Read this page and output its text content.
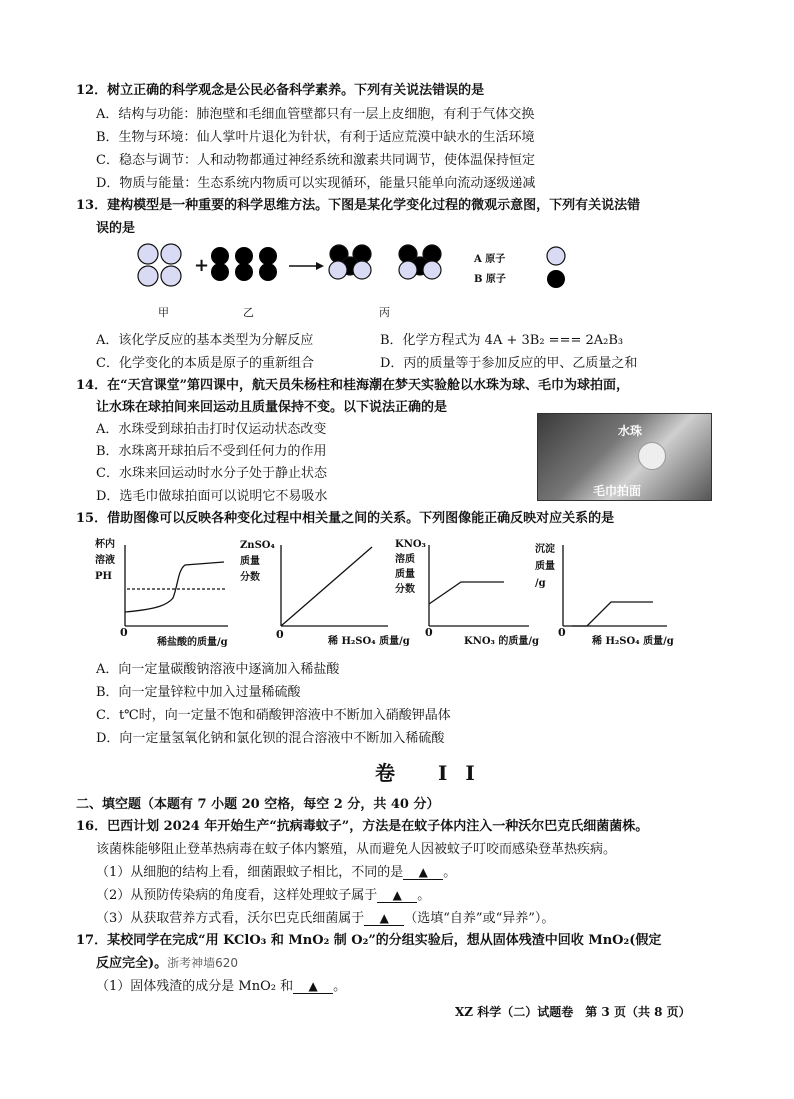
12．树立正确的科学观念是公民必备科学素养。下列有关说法错误的是
A．结构与功能：肺泡壁和毛细血管壁都只有一层上皮细胞，有利于气体交换
B．生物与环境：仙人掌叶片退化为针状，有利于适应荒漠中缺水的生活环境
C．稳态与调节：人和动物都通过神经系统和激素共同调节，使体温保持恒定
D．物质与能量：生态系统内物质可以实现循环，能量只能单向流动逐级递减
13．建构模型是一种重要的科学思维方法。下图是某化学变化过程的微观示意图，下列有关说法错
误的是
+	A 原子
B 原子
甲	乙	丙
A．该化学反应的基本类型为分解反应	B．化学方程式为 4A + 3B₂ === 2A₂B₃
C．化学变化的本质是原子的重新组合	D．丙的质量等于参加反应的甲、乙质量之和
14．在“天宫课堂”第四课中，航天员朱杨柱和桂海潮在梦天实验舱以水珠为球、毛巾为球拍面，
让水珠在球拍间来回运动且质量保持不变。以下说法正确的是
A．水珠受到球拍击打时仅运动状态改变
B．水珠离开球拍后不受到任何力的作用
C．水珠来回运动时水分子处于静止状态
D．选毛巾做球拍面可以说明它不易吸水
水珠
毛巾拍面
15．借助图像可以反映各种变化过程中相关量之间的关系。下列图像能正确反映对应关系的是
杯内
溶液
PH
0
稀盐酸的质量/g
ZnSO₄
质量
分数
0
稀 H₂SO₄ 质量/g
KNO₃
溶质
质量
分数
0
KNO₃ 的质量/g
沉淀
质量
/g
0
稀 H₂SO₄ 质量/g
A．向一定量碳酸钠溶液中逐滴加入稀盐酸
B．向一定量锌粒中加入过量稀硫酸
C．t℃时，向一定量不饱和硝酸钾溶液中不断加入硝酸钾晶体
D．向一定量氢氧化钠和氯化钡的混合溶液中不断加入稀硫酸
卷 II
二、填空题（本题有 7 小题 20 空格，每空 2 分，共 40 分）
16．巴西计划 2024 年开始生产“抗病毒蚊子”，方法是在蚊子体内注入一种沃尔巴克氏细菌菌株。
该菌株能够阻止登革热病毒在蚊子体内繁殖，从而避免人因被蚊子叮咬而感染登革热疾病。
（1）从细胞的结构上看，细菌跟蚊子相比，不同的是 ▲ 。
（2）从预防传染病的角度看，这样处理蚊子属于 ▲ 。
（3）从获取营养方式看，沃尔巴克氏细菌属于 ▲ （选填“自养”或“异养”）。
17．某校同学在完成“用 KClO₃ 和 MnO₂ 制 O₂”的分组实验后，想从固体残渣中回收 MnO₂(假定
反应完全)。浙考神墙620
（1）固体残渣的成分是 MnO₂ 和 ▲ 。
XZ 科学（二）试题卷　第 3 页（共 8 页）
